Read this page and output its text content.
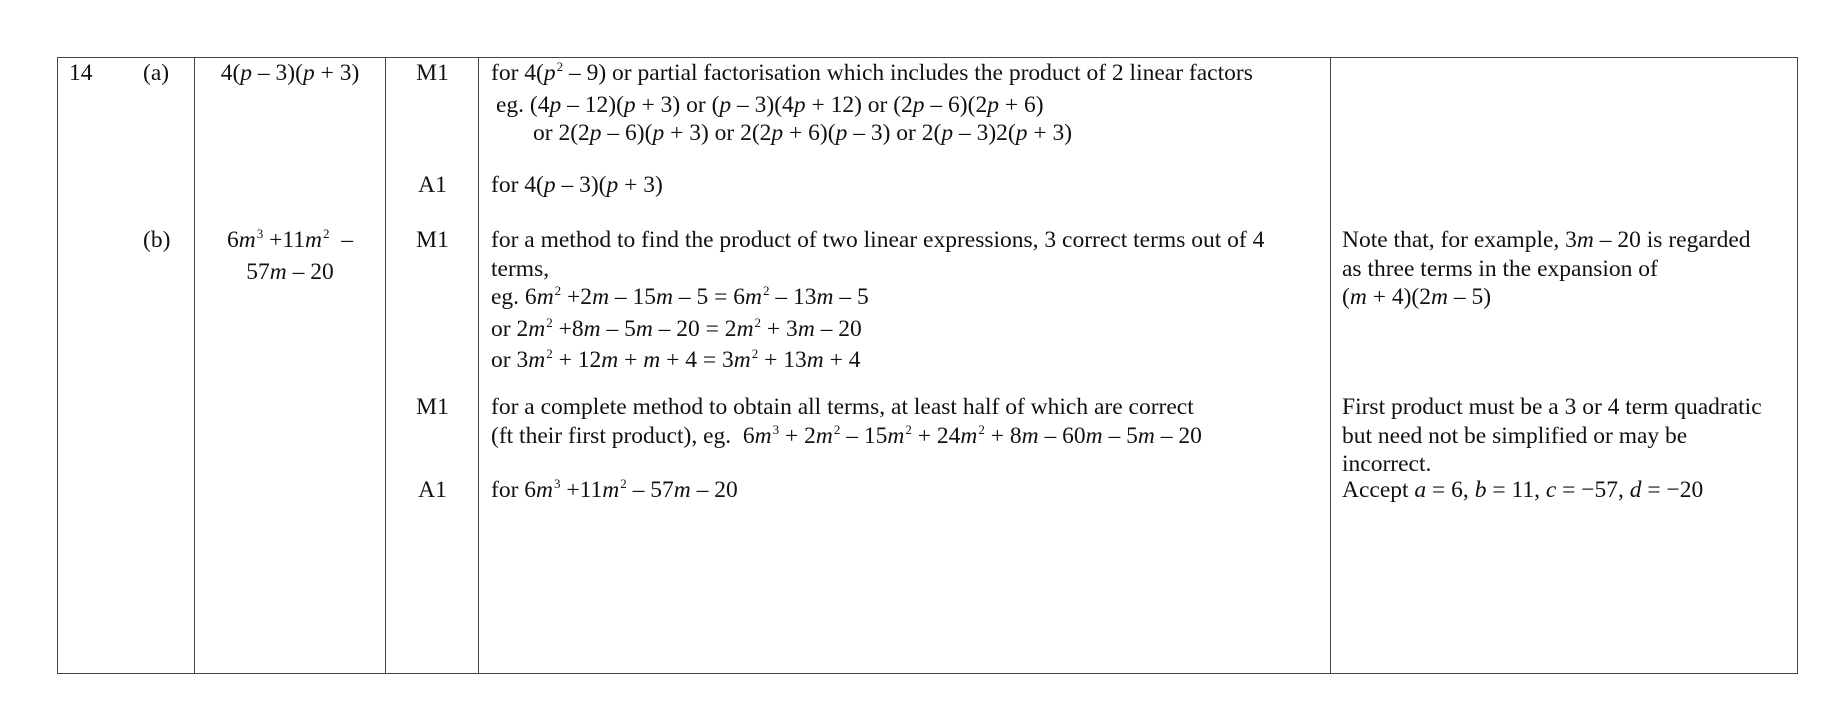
14 (a)
(b)
4(p – 3)(p + 3)
$6m^3 +11m^2$  –
57m – 20
M1
A1
M1
M1
A1
for $4(p^2 - 9)$ or partial factorisation which includes the product of 2 linear factors
eg. (4p – 12)(p + 3) or (p – 3)(4p + 12) or (2p – 6)(2p + 6)
or 2(2p – 6)(p + 3) or 2(2p + 6)(p – 3) or 2(p – 3)2(p + 3)
for 4(p – 3)(p + 3)
for a method to find the product of two linear expressions, 3 correct terms out of 4
terms,
eg. $6m^2 +2m - 15m - 5 = 6m^2 - 13m - 5$
or $2m^2 +8m - 5m - 20 = 2m^2 + 3m - 20$
or $3m^2 + 12m + m + 4 = 3m^2 + 13m + 4$
for a complete method to obtain all terms, at least half of which are correct
(ft their first product), eg.  $6m^3 + 2m^2 - 15m^2 + 24m^2 + 8m - 60m - 5m - 20$
for $6m^3 +11m^2 - 57m - 20$
Note that, for example, 3m – 20 is regarded
as three terms in the expansion of
(m + 4)(2m – 5)
First product must be a 3 or 4 term quadratic
but need not be simplified or may be
incorrect.
Accept a = 6, b = 11, c = −57, d = −20
